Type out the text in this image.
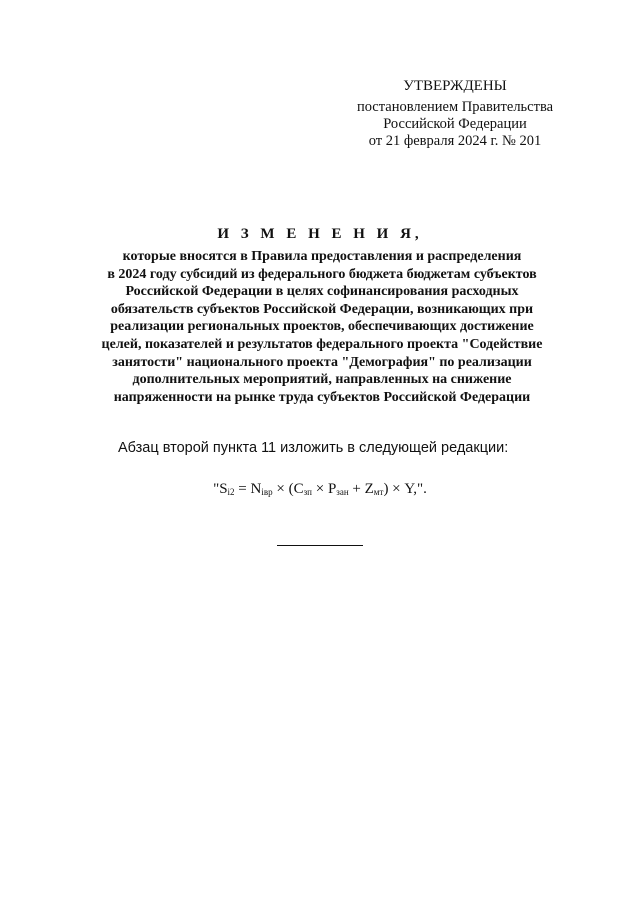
УТВЕРЖДЕНЫ
постановлением Правительства
Российской Федерации
от 21 февраля 2024 г. № 201
И З М Е Н Е Н И Я,
которые вносятся в Правила предоставления и распределения
в 2024 году субсидий из федерального бюджета бюджетам субъектов
Российской Федерации в целях софинансирования расходных
обязательств субъектов Российской Федерации, возникающих при
реализации региональных проектов, обеспечивающих достижение
целей, показателей и результатов федерального проекта "Содействие
занятости" национального проекта "Демография" по реализации
дополнительных мероприятий, направленных на снижение
напряженности на рынке труда субъектов Российской Федерации
Абзац второй пункта 11 изложить в следующей редакции:
"$S_{i2} = N_{iвр} \times (C_{зп} \times P_{зан} + Z_{мт}) \times Y$,".
